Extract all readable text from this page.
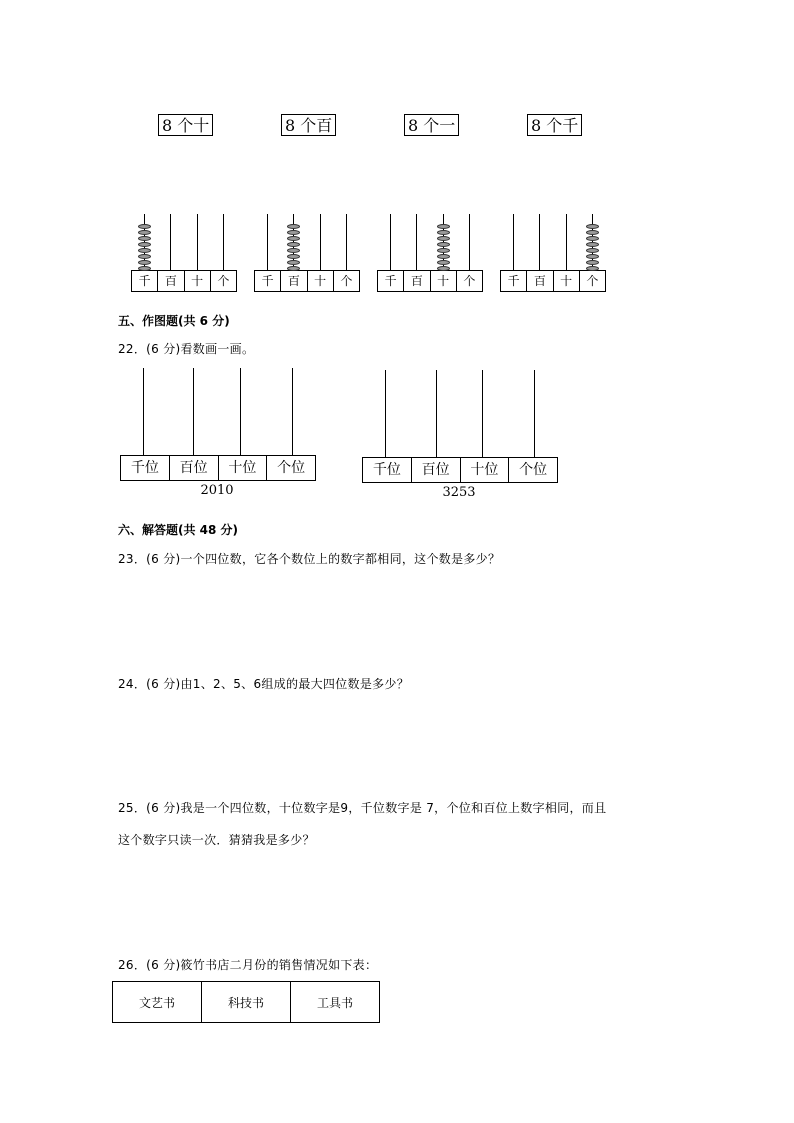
8 个十	8 个百	8 个一	8 个千
千	百	十	个	千	百	十	个	千	百	十	个	千	百	十	个
五、作图题(共 6 分)
22．(6 分)看数画一画。
千位	百位	十位	个位
2010
千位	百位	十位	个位
3253
六、解答题(共 48 分)
23．(6 分)一个四位数，它各个数位上的数字都相同，这个数是多少？
24．(6 分)由1、2、5、6组成的最大四位数是多少？
25．(6 分)我是一个四位数，十位数字是9，千位数字是 7，个位和百位上数字相同，而且
这个数字只读一次．猜猜我是多少？
26．(6 分)筱竹书店二月份的销售情况如下表：
文艺书	科技书	工具书
